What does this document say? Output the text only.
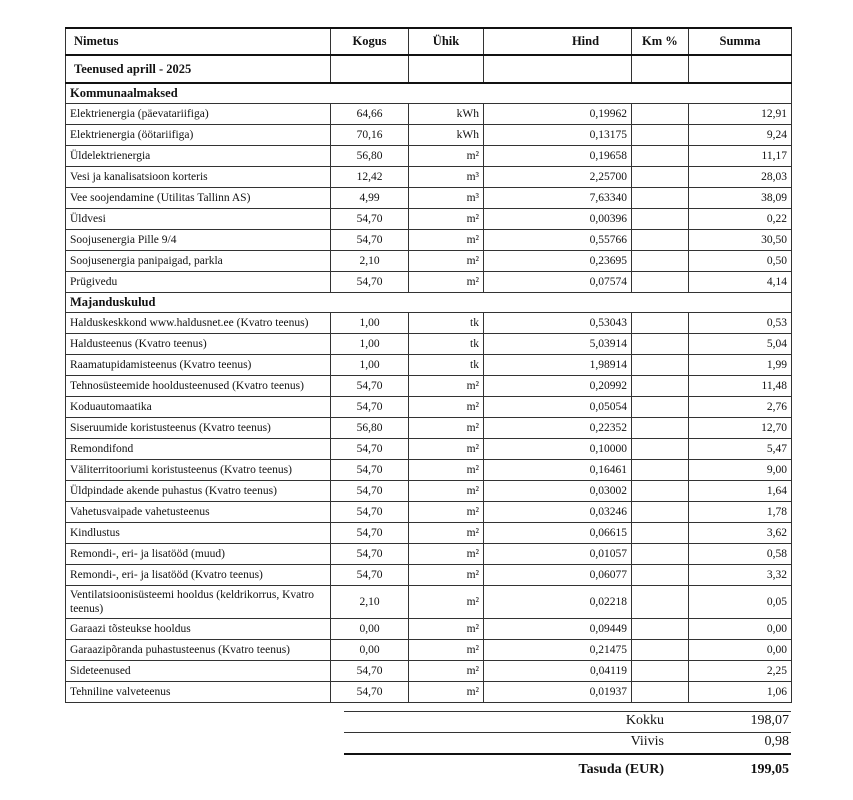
Nimetus	Kogus	Ühik	Hind	Km %	Summa
Teenused aprill - 2025					
Kommunaalmaksed					
Elektrienergia (päevatariifiga)	64,66	kWh	0,19962		12,91
Elektrienergia (öötariifiga)	70,16	kWh	0,13175		9,24
Üldelektrienergia	56,80	m²	0,19658		11,17
Vesi ja kanalisatsioon korteris	12,42	m³	2,25700		28,03
Vee soojendamine (Utilitas Tallinn AS)	4,99	m³	7,63340		38,09
Üldvesi	54,70	m²	0,00396		0,22
Soojusenergia Pille 9/4	54,70	m²	0,55766		30,50
Soojusenergia panipaigad, parkla	2,10	m²	0,23695		0,50
Prügivedu	54,70	m²	0,07574		4,14
Majanduskulud					
Halduskeskkond www.haldusnet.ee (Kvatro teenus)	1,00	tk	0,53043		0,53
Haldusteenus (Kvatro teenus)	1,00	tk	5,03914		5,04
Raamatupidamisteenus (Kvatro teenus)	1,00	tk	1,98914		1,99
Tehnosüsteemide hooldusteenused (Kvatro teenus)	54,70	m²	0,20992		11,48
Koduautomaatika	54,70	m²	0,05054		2,76
Siseruumide koristusteenus (Kvatro teenus)	56,80	m²	0,22352		12,70
Remondifond	54,70	m²	0,10000		5,47
Väliterritooriumi koristusteenus (Kvatro teenus)	54,70	m²	0,16461		9,00
Üldpindade akende puhastus (Kvatro teenus)	54,70	m²	0,03002		1,64
Vahetusvaipade vahetusteenus	54,70	m²	0,03246		1,78
Kindlustus	54,70	m²	0,06615		3,62
Remondi-, eri- ja lisatööd (muud)	54,70	m²	0,01057		0,58
Remondi-, eri- ja lisatööd (Kvatro teenus)	54,70	m²	0,06077		3,32
Ventilatsioonisüsteemi hooldus (keldrikorrus, Kvatro teenus)	2,10	m²	0,02218		0,05
Garaazi tõsteukse hooldus	0,00	m²	0,09449		0,00
Garaazipõranda puhastusteenus (Kvatro teenus)	0,00	m²	0,21475		0,00
Sideteenused	54,70	m²	0,04119		2,25
Tehniline valveteenus	54,70	m²	0,01937		1,06
Kokku	198,07
Viivis	0,98
Tasuda (EUR)	199,05
